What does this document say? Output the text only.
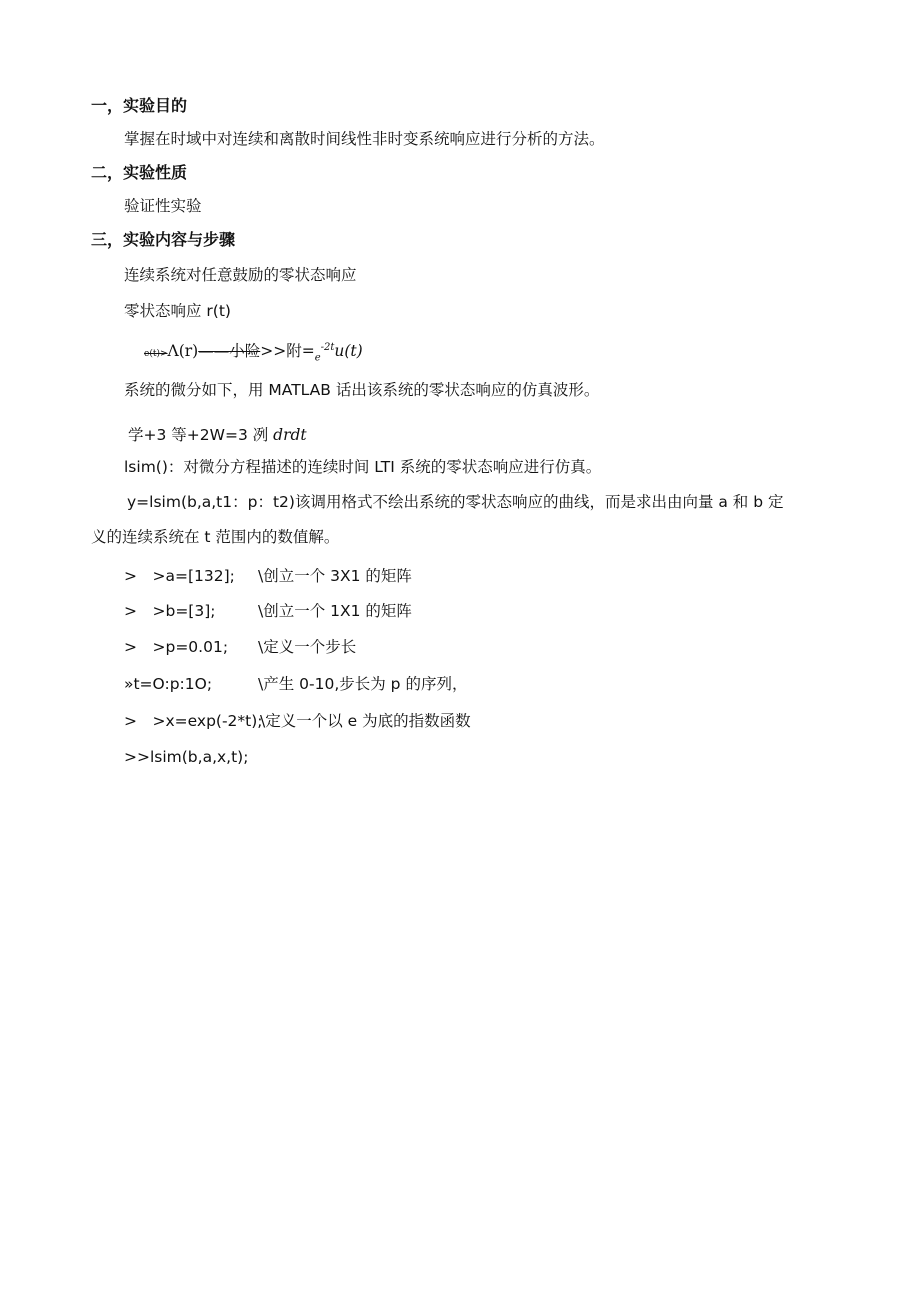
一，实验目的
掌握在时域中对连续和离散时间线性非时变系统响应进行分析的方法。
二，实验性质
验证性实验
三，实验内容与步骤
连续系统对任意鼓励的零状态响应
零状态响应 r(t)
e(t)>Λ(r)——小险>>附$=_e^{-2t}u(t)$
系统的微分如下，用 MATLAB 话出该系统的零状态响应的仿真波形。
学+3 等+2W=3 冽 drdt
lsim()：对微分方程描述的连续时间 LTI 系统的零状态响应进行仿真。
y=lsim(b,a,t1：p：t2)该调用格式不绘出系统的零状态响应的曲线，而是求出由向量 a 和 b 定
义的连续系统在 t 范围内的数值解。
>　>a=[132]; \创立一个 3X1 的矩阵
>　>b=[3];	\创立一个 1X1 的矩阵
>　>p=0.01; \定义一个步长
»t=O:p:1O;	\产生 0-10,步长为 p 的序列，
>　>x=exp(-2*t);
\定义一个以 e 为底的指数函数
>>lsim(b,a,x,t);
